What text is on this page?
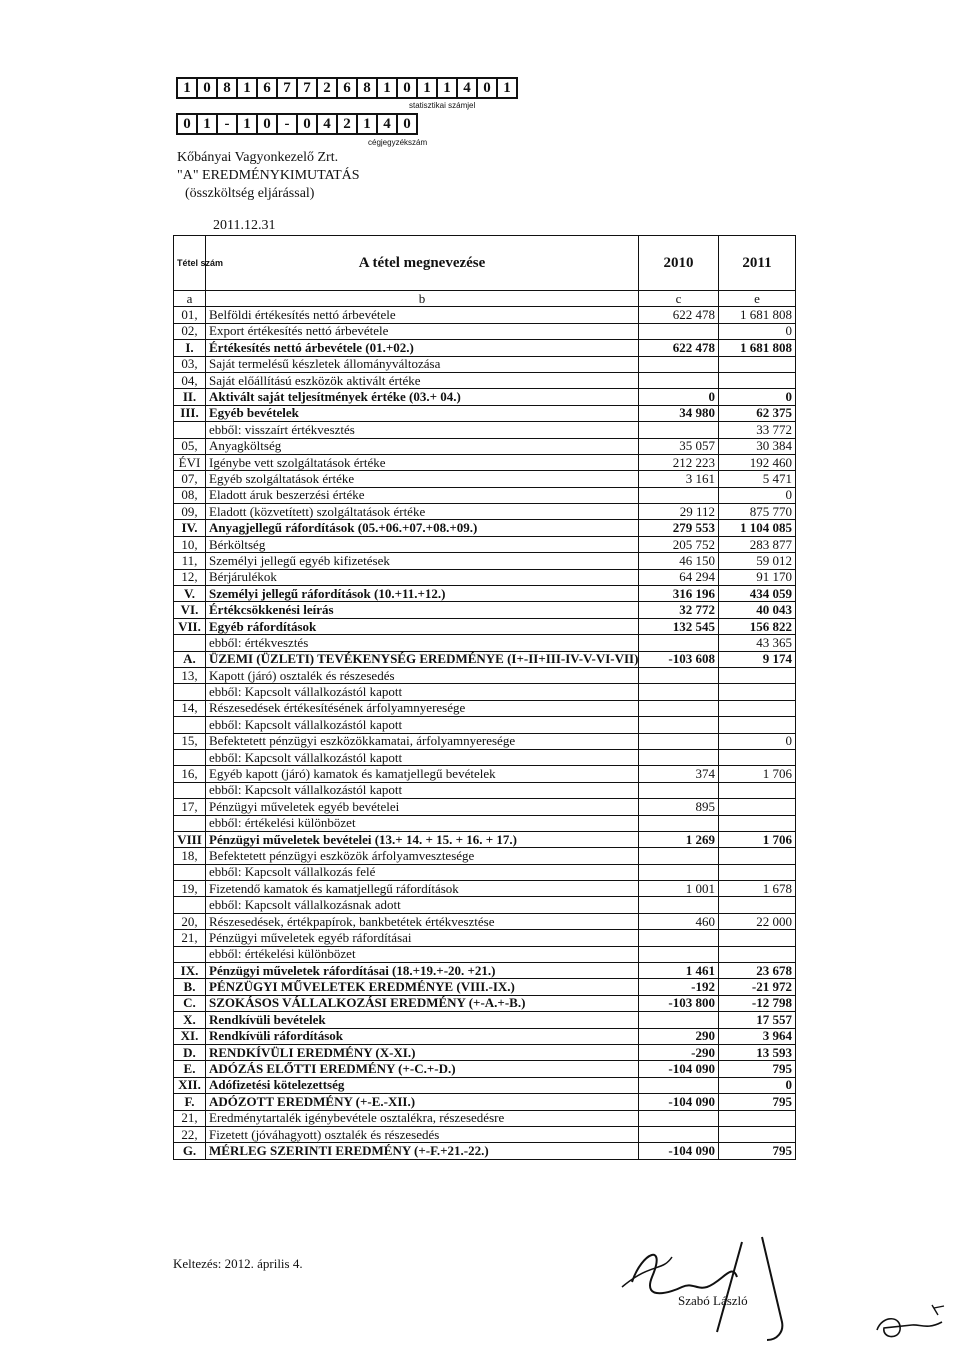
1 0 8 1 6 7 7 2 6 8 1 0 1 1 4 0 1
statisztikai számjel
0 1 - 1 0 - 0 4 2 1 4 0
cégjegyzékszám
Kőbányai Vagyonkezelő Zrt.
"A" EREDMÉNYKIMUTATÁS
(összköltség eljárással)
2011.12.31
Tétel szám	A tétel megnevezése	2010	2011
a	b	c	e
01,	Belföldi értékesítés nettó árbevétele	622 478	1 681 808
02,	Export értékesítés nettó árbevétele		0
I.	Értékesítés nettó árbevétele (01.+02.)	622 478	1 681 808
03,	Saját termelésű készletek állományváltozása		
04,	Saját előállítású eszközök aktivált értéke		
II.	Aktivált saját teljesítmények értéke (03.+ 04.)	0	0
III.	Egyéb bevételek	34 980	62 375
	ebből: visszaírt értékvesztés		33 772
05,	Anyagköltség	35 057	30 384
ÉVI	Igénybe vett szolgáltatások értéke	212 223	192 460
07,	Egyéb szolgáltatások értéke	3 161	5 471
08,	Eladott áruk beszerzési értéke		0
09,	Eladott (közvetített) szolgáltatások értéke	29 112	875 770
IV.	Anyagjellegű ráfordítások (05.+06.+07.+08.+09.)	279 553	1 104 085
10,	Bérköltség	205 752	283 877
11,	Személyi jellegű egyéb kifizetések	46 150	59 012
12,	Bérjárulékok	64 294	91 170
V.	Személyi jellegű ráfordítások (10.+11.+12.)	316 196	434 059
VI.	Értékcsökkenési leírás	32 772	40 043
VII.	Egyéb ráfordítások	132 545	156 822
	ebből: értékvesztés		43 365
A.	ÜZEMI (ÜZLETI) TEVÉKENYSÉG EREDMÉNYE (I+-II+III-IV-V-VI-VII)	-103 608	9 174
13,	Kapott (járó) osztalék és részesedés		
	ebből: Kapcsolt vállalkozástól kapott		
14,	Részesedések értékesítésének árfolyamnyeresége		
	ebből: Kapcsolt vállalkozástól kapott		
15,	Befektetett pénzügyi eszközökkamatai, árfolyamnyeresége		0
	ebből: Kapcsolt vállalkozástól kapott		
16,	Egyéb kapott (járó) kamatok és kamatjellegű bevételek	374	1 706
	ebből: Kapcsolt vállalkozástól kapott		
17,	Pénzügyi műveletek egyéb bevételei	895	
	ebből: értékelési különbözet		
VIII	Pénzügyi műveletek bevételei (13.+ 14. + 15. + 16. + 17.)	1 269	1 706
18,	Befektetett pénzügyi eszközök árfolyamvesztesége		
	ebből: Kapcsolt vállalkozás felé		
19,	Fizetendő kamatok és kamatjellegű ráfordítások	1 001	1 678
	ebből: Kapcsolt vállalkozásnak adott		
20,	Részesedések, értékpapírok, bankbetétek értékvesztése	460	22 000
21,	Pénzügyi műveletek egyéb ráfordításai		
	ebből: értékelési különbözet		
IX.	Pénzügyi műveletek ráfordításai (18.+19.+-20. +21.)	1 461	23 678
B.	PÉNZÜGYI MŰVELETEK EREDMÉNYE (VIII.-IX.)	-192	-21 972
C.	SZOKÁSOS VÁLLALKOZÁSI EREDMÉNY (+-A.+-B.)	-103 800	-12 798
X.	Rendkívüli bevételek		17 557
XI.	Rendkívüli ráfordítások	290	3 964
D.	RENDKÍVÜLI EREDMÉNY (X-XI.)	-290	13 593
E.	ADÓZÁS ELŐTTI EREDMÉNY (+-C.+-D.)	-104 090	795
XII.	Adófizetési kötelezettség		0
F.	ADÓZOTT EREDMÉNY (+-E.-XII.)	-104 090	795
21,	Eredménytartalék igénybevétele osztalékra, részesedésre		
22,	Fizetett (jóváhagyott) osztalék és részesedés		
G.	MÉRLEG SZERINTI EREDMÉNY (+-F.+21.-22.)	-104 090	795
Keltezés: 2012. április 4.
Szabó László
